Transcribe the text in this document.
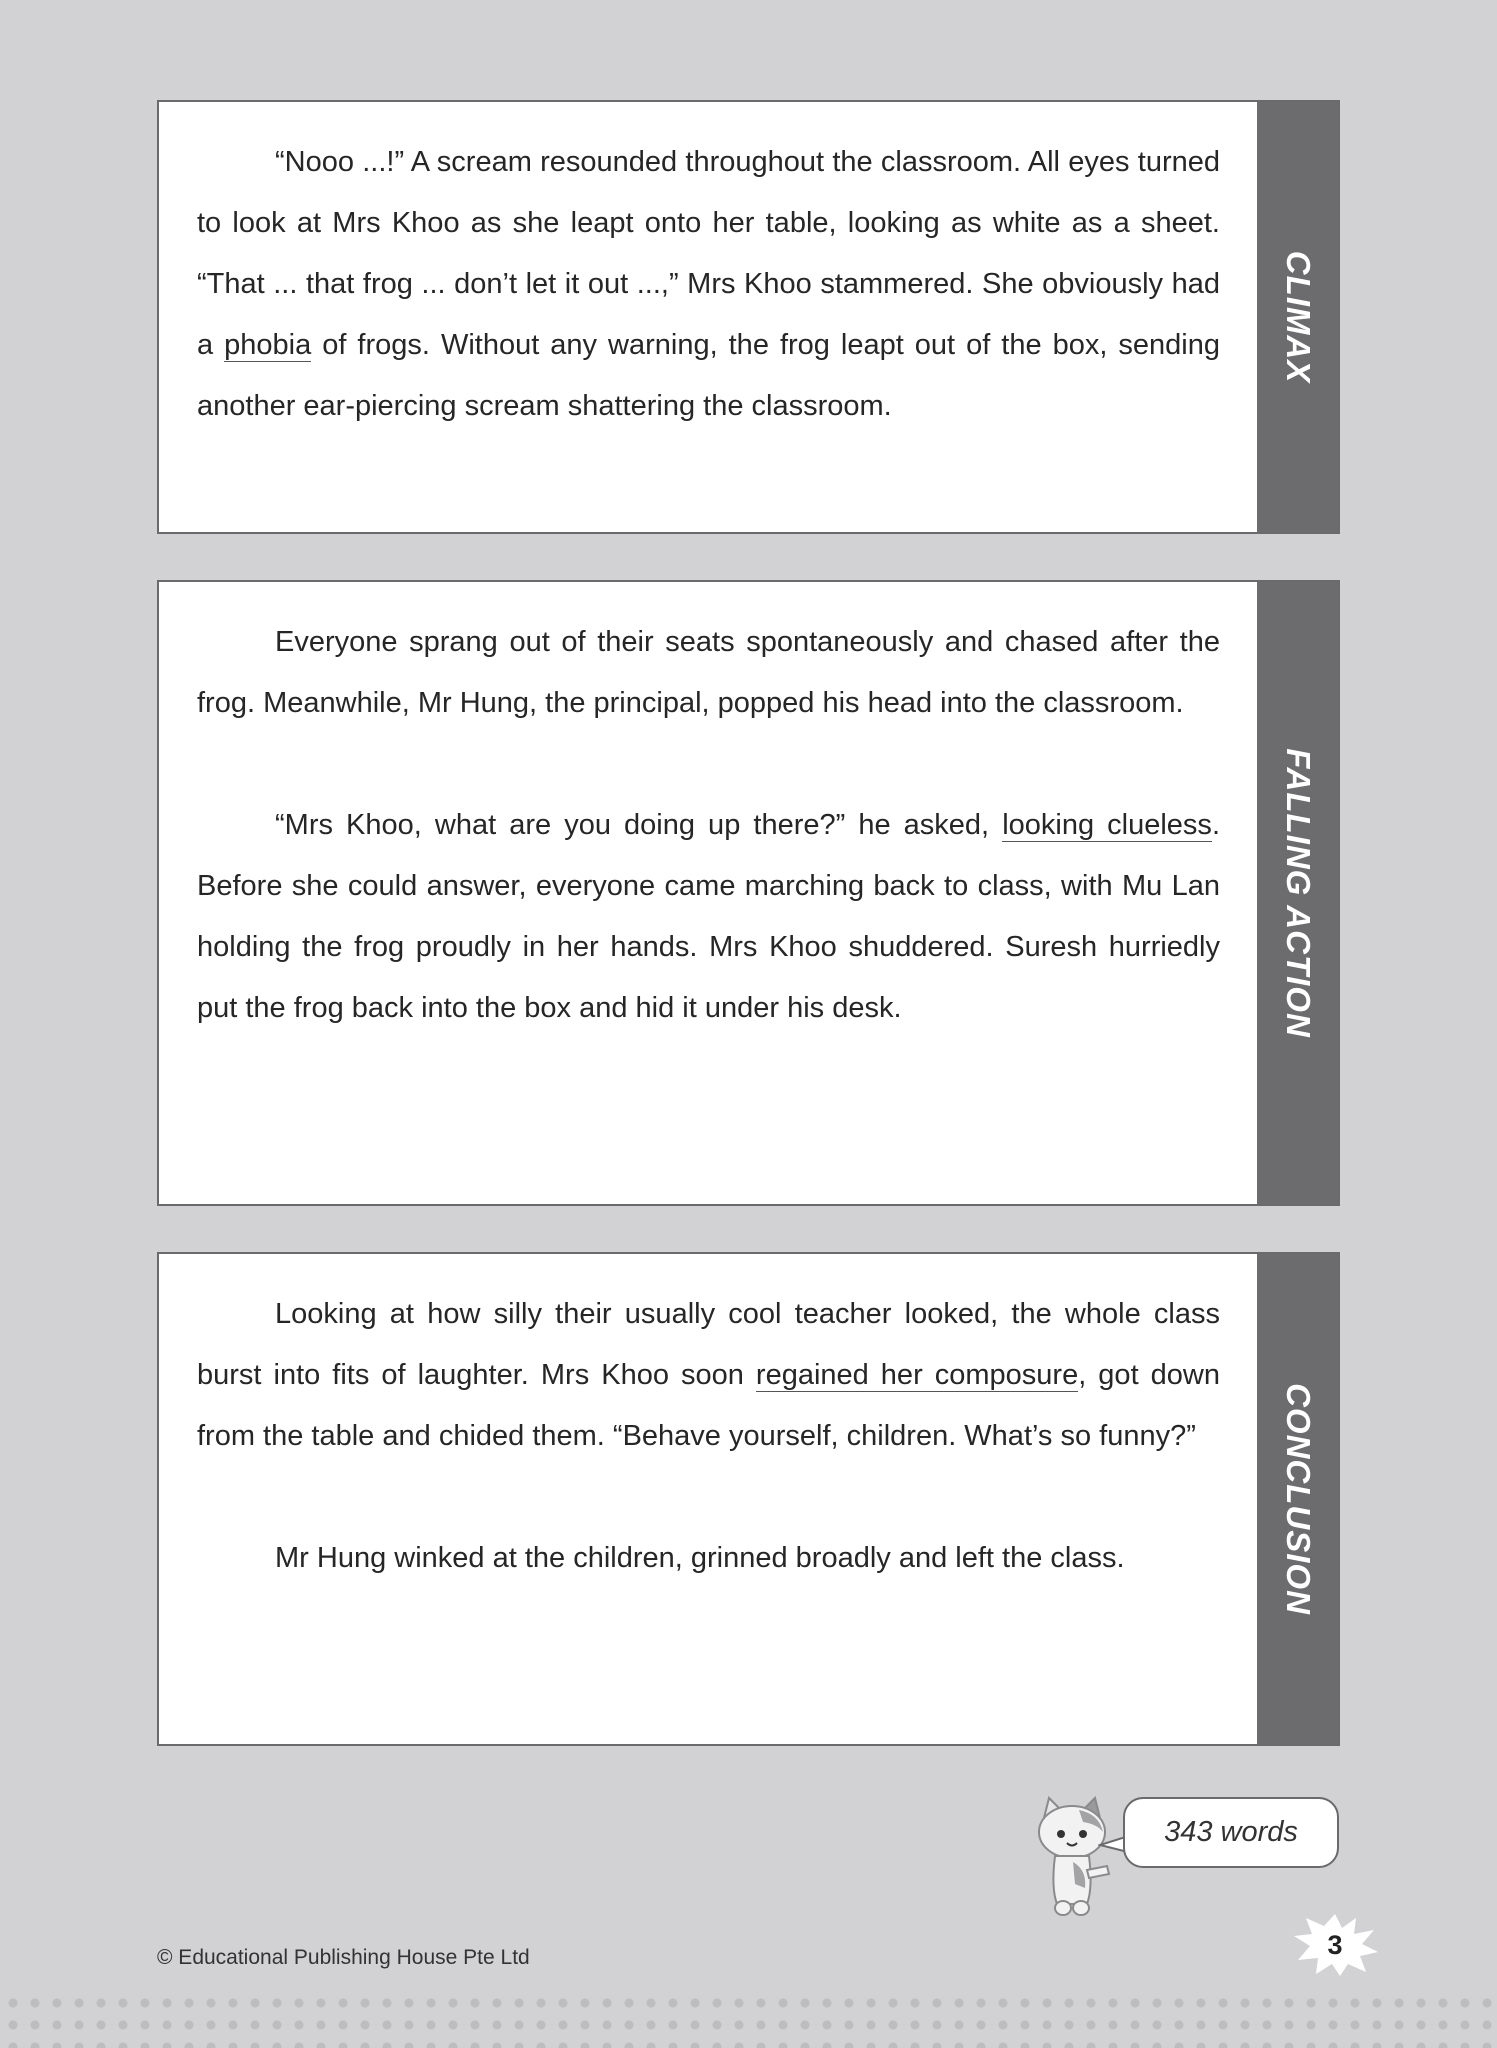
“Nooo ...!” A scream resounded throughout the classroom. All eyes turned to look at Mrs Khoo as she leapt onto her table, looking as white as a sheet. “That ... that frog ... don’t let it out ...,” Mrs Khoo stammered. She obviously had a phobia of frogs. Without any warning, the frog leapt out of the box, sending another ear-piercing scream shattering the classroom.

CLIMAX

Everyone sprang out of their seats spontaneously and chased after the frog. Meanwhile, Mr Hung, the principal, popped his head into the classroom.

“Mrs Khoo, what are you doing up there?” he asked, looking clueless. Before she could answer, everyone came marching back to class, with Mu Lan holding the frog proudly in her hands. Mrs Khoo shuddered. Suresh hurriedly put the frog back into the box and hid it under his desk.	FALLING ACTION

Looking at how silly their usually cool teacher looked, the whole class burst into fits of laughter. Mrs Khoo soon regained her composure, got down from the table and chided them. “Behave yourself, children. What’s so funny?”

Mr Hung winked at the children, grinned broadly and left the class.	CONCLUSION
343 words
© Educational Publishing House Pte Ltd	3
